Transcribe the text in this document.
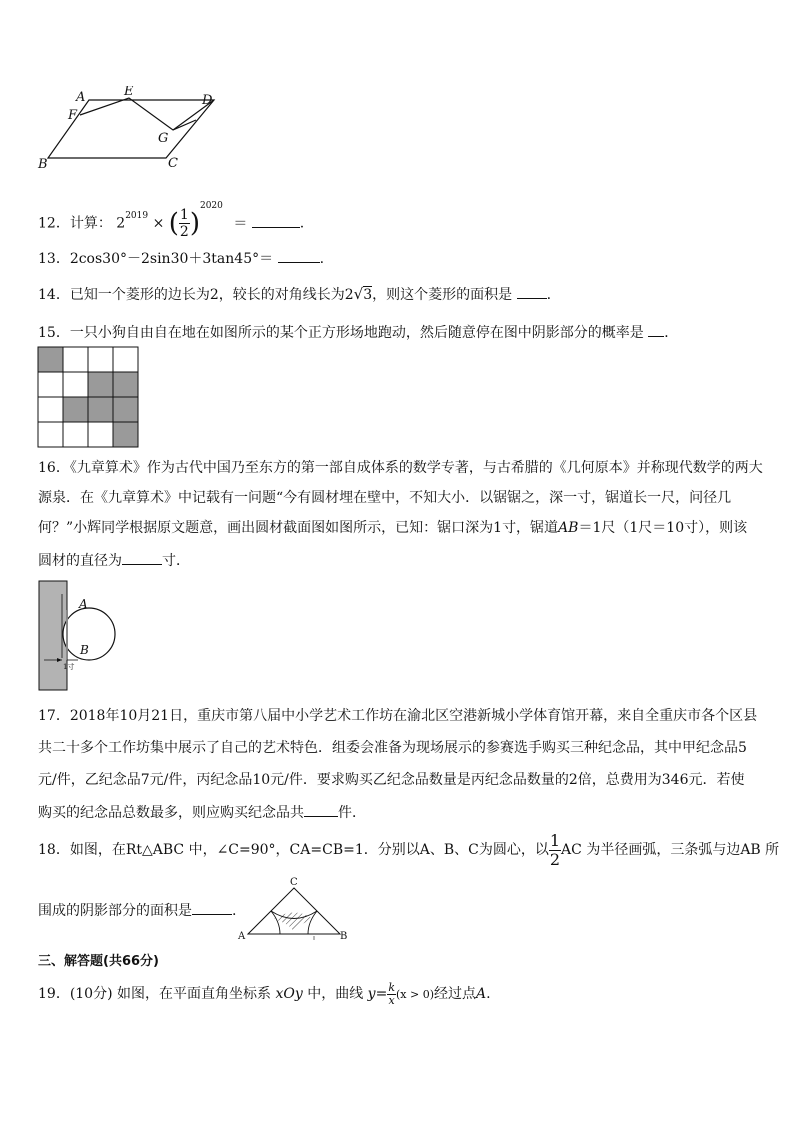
A	E
D
F
G
B	C
12．计算： $2^{2019}$ × ( $\frac{1}{2} )^{2020}$ ＝	.
13．2cos30°－2sin30＋3tan45°＝	.
14．已知一个菱形的边长为2，较长的对角线长为2√3，则这个菱形的面积是 .
15．一只小狗自由自在地在如图所示的某个正方形场地跑动，然后随意停在图中阴影部分的概率是 ．
16．《九章算术》作为古代中国乃至东方的第一部自成体系的数学专著，与古希腊的《几何原本》并称现代数学的两大
源泉．在《九章算术》中记载有一问题“今有圆材埋在壁中，不知大小．以锯锯之，深一寸，锯道长一尺，问径几
何？”小辉同学根据原文题意，画出圆材截面图如图所示，已知：锯口深为1寸，锯道AB＝1尺（1尺＝10寸），则该
圆材的直径为	寸．
A
B
1寸
17．2018年10月21日，重庆市第八届中小学艺术工作坊在渝北区空港新城小学体育馆开幕，来自全重庆市各个区县
共二十多个工作坊集中展示了自己的艺术特色．组委会准备为现场展示的参赛选手购买三种纪念品，其中甲纪念品5
元/件，乙纪念品7元/件，丙纪念品10元/件．要求购买乙纪念品数量是丙纪念品数量的2倍，总费用为346元．若使
购买的纪念品总数最多，则应购买纪念品共 件．
18．如图，在Rt△ABC 中，∠C=90°，CA=CB=1．分别以A、B、C为圆心，以 $\frac{1}{2}$ AC 为半径画弧，三条弧与边AB 所
围成的阴影部分的面积是	.
C
A	B
三、解答题(共66分)
19．(10分) 如图，在平面直角坐标系 xOy 中，曲线 $y= \frac{k}{x} (x > 0)$经过点A.
